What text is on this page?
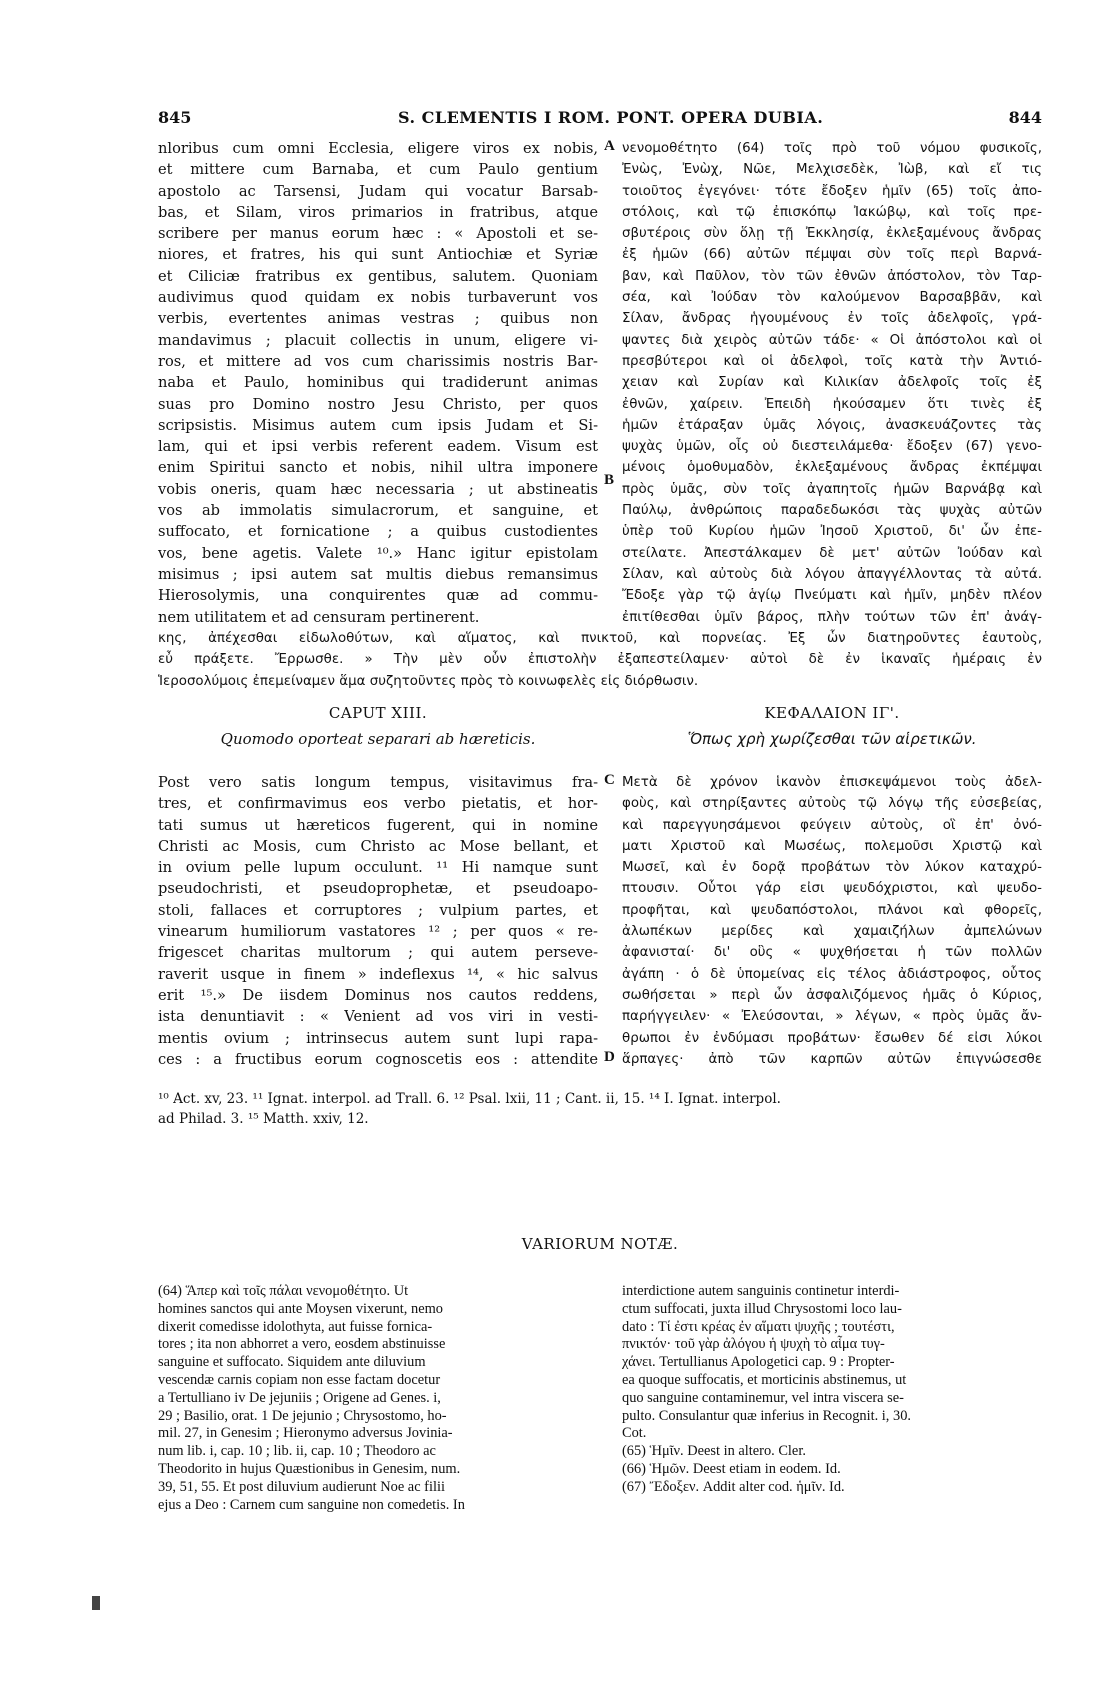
845	S. CLEMENTIS I ROM. PONT. OPERA DUBIA.	844

nloribus cum omni Ecclesia, eligere viros ex nobis,

et mittere cum Barnaba, et cum Paulo gentium

apostolo ac Tarsensi, Judam qui vocatur Barsab-

bas, et Silam, viros primarios in fratribus, atque

scribere per manus eorum hæc : « Apostoli et se-

niores, et fratres, his qui sunt Antiochiæ et Syriæ

et Ciliciæ fratribus ex gentibus, salutem. Quoniam

audivimus quod quidam ex nobis turbaverunt vos

verbis, evertentes animas vestras ; quibus non

mandavimus ; placuit collectis in unum, eligere vi-

ros, et mittere ad vos cum charissimis nostris Bar-

naba et Paulo, hominibus qui tradiderunt animas

suas pro Domino nostro Jesu Christo, per quos

scripsistis. Misimus autem cum ipsis Judam et Si-

lam, qui et ipsi verbis referent eadem. Visum est

enim Spiritui sancto et nobis, nihil ultra imponere

vobis oneris, quam hæc necessaria ; ut abstineatis

vos ab immolatis simulacrorum, et sanguine, et

suffocato, et fornicatione ; a quibus custodientes

vos, bene agetis. Valete ¹⁰.» Hanc igitur epistolam

misimus ; ipsi autem sat multis diebus remansimus

Hierosolymis, una conquirentes quæ ad commu-

nem utilitatem et ad censuram pertinerent.

A
B

νενομοθέτητο (64) τοῖς πρὸ τοῦ νόμου φυσικοῖς,

Ἐνὼς, Ἐνὼχ, Νῶε, Μελχισεδὲκ, Ἰὼβ, καὶ εἴ τις

τοιοῦτος ἐγεγόνει· τότε ἔδοξεν ἡμῖν (65) τοῖς ἀπο-

στόλοις, καὶ τῷ ἐπισκόπῳ Ἰακώβῳ, καὶ τοῖς πρε-

σβυτέροις σὺν ὅλῃ τῇ Ἐκκλησίᾳ, ἐκλεξαμένους ἄνδρας

ἐξ ἡμῶν (66) αὐτῶν πέμψαι σὺν τοῖς περὶ Βαρνά-

βαν, καὶ Παῦλον, τὸν τῶν ἐθνῶν ἀπόστολον, τὸν Ταρ-

σέα, καὶ Ἰούδαν τὸν καλούμενον Βαρσαββᾶν, καὶ

Σίλαν, ἄνδρας ἡγουμένους ἐν τοῖς ἀδελφοῖς, γρά-

ψαντες διὰ χειρὸς αὐτῶν τάδε· « Οἱ ἀπόστολοι καὶ οἱ

πρεσβύτεροι καὶ οἱ ἀδελφοὶ, τοῖς κατὰ τὴν Ἀντιό-

χειαν καὶ Συρίαν καὶ Κιλικίαν ἀδελφοῖς τοῖς ἐξ

ἐθνῶν, χαίρειν. Ἐπειδὴ ἠκούσαμεν ὅτι τινὲς ἐξ

ἡμῶν ἐτάραξαν ὑμᾶς λόγοις, ἀνασκευάζοντες τὰς

ψυχὰς ὑμῶν, οἷς οὐ διεστειλάμεθα· ἔδοξεν (67) γενο-

μένοις ὁμοθυμαδὸν, ἐκλεξαμένους ἄνδρας ἐκπέμψαι

πρὸς ὑμᾶς, σὺν τοῖς ἀγαπητοῖς ἡμῶν Βαρνάβᾳ καὶ

Παύλῳ, ἀνθρώποις παραδεδωκόσι τὰς ψυχὰς αὐτῶν

ὑπὲρ τοῦ Κυρίου ἡμῶν Ἰησοῦ Χριστοῦ, δι' ὧν ἐπε-

στείλατε. Ἀπεστάλκαμεν δὲ μετ' αὐτῶν Ἰούδαν καὶ

Σίλαν, καὶ αὐτοὺς διὰ λόγου ἀπαγγέλλοντας τὰ αὐτά.

Ἔδοξε γὰρ τῷ ἁγίῳ Πνεύματι καὶ ἡμῖν, μηδὲν πλέον

ἐπιτίθεσθαι ὑμῖν βάρος, πλὴν τούτων τῶν ἐπ' ἀνάγ-

κης, ἀπέχεσθαι εἰδωλοθύτων, καὶ αἵματος, καὶ πνικτοῦ, καὶ πορνείας. Ἐξ ὧν διατηροῦντες ἑαυτοὺς,

εὖ πράξετε. Ἔρρωσθε. » Τὴν μὲν οὖν ἐπιστολὴν ἐξαπεστείλαμεν· αὐτοὶ δὲ ἐν ἱκαναῖς ἡμέραις ἐν

Ἱεροσολύμοις ἐπεμείναμεν ἅμα συζητοῦντες πρὸς τὸ κοινωφελὲς εἰς διόρθωσιν.

CAPUT XIII.
Quomodo oporteat separari ab hæreticis.
ΚΕΦΑΛΑΙΟΝ ΙΓ'.
Ὅπως χρὴ χωρίζεσθαι τῶν αἱρετικῶν.

Post vero satis longum tempus, visitavimus fra-

tres, et confirmavimus eos verbo pietatis, et hor-

tati sumus ut hæreticos fugerent, qui in nomine

Christi ac Mosis, cum Christo ac Mose bellant, et

in ovium pelle lupum occulunt. ¹¹ Hi namque sunt

pseudochristi, et pseudoprophetæ, et pseudoapo-

stoli, fallaces et corruptores ; vulpium partes, et

vinearum humiliorum vastatores ¹² ; per quos « re-

frigescet charitas multorum ; qui autem perseve-

raverit usque in finem » indeflexus ¹⁴, « hic salvus

erit ¹⁵.» De iisdem Dominus nos cautos reddens,

ista denuntiavit : « Venient ad vos viri in vesti-

mentis ovium ; intrinsecus autem sunt lupi rapa-

ces : a fructibus eorum cognoscetis eos : attendite

C
D

Μετὰ δὲ χρόνον ἱκανὸν ἐπισκεψάμενοι τοὺς ἀδελ-

φοὺς, καὶ στηρίξαντες αὐτοὺς τῷ λόγῳ τῆς εὐσεβείας,

καὶ παρεγγυησάμενοι φεύγειν αὐτοὺς, οἳ ἐπ' ὀνό-

ματι Χριστοῦ καὶ Μωσέως, πολεμοῦσι Χριστῷ καὶ

Μωσεῖ, καὶ ἐν δορᾷ προβάτων τὸν λύκον καταχρύ-

πτουσιν. Οὗτοι γάρ εἰσι ψευδόχριστοι, καὶ ψευδο-

προφῆται, καὶ ψευδαπόστολοι, πλάνοι καὶ φθορεῖς,

ἀλωπέκων μερίδες καὶ χαμαιζήλων ἀμπελώνων

ἀφανισταί· δι' οὓς « ψυχθήσεται ἡ τῶν πολλῶν

ἀγάπη · ὁ δὲ ὑπομείνας εἰς τέλος ἀδιάστροφος, οὗτος

σωθήσεται » περὶ ὧν ἀσφαλιζόμενος ἡμᾶς ὁ Κύριος,

παρήγγειλεν· « Ἐλεύσονται, » λέγων, « πρὸς ὑμᾶς ἄν-

θρωποι ἐν ἐνδύμασι προβάτων· ἔσωθεν δέ εἰσι λύκοι

ἅρπαγες· ἀπὸ τῶν καρπῶν αὐτῶν ἐπιγνώσεσθε

¹⁰ Act. xv, 23. ¹¹ Ignat. interpol. ad Trall. 6. ¹² Psal. lxii, 11 ; Cant. ii, 15. ¹⁴ I. Ignat. interpol.

ad Philad. 3. ¹⁵ Matth. xxiv, 12.

VARIORUM NOTÆ.

(64) Ἅπερ καὶ τοῖς πάλαι νενομοθέτητο. Ut

homines sanctos qui ante Moysen vixerunt, nemo

dixerit comedisse idolothyta, aut fuisse fornica-

tores ; ita non abhorret a vero, eosdem abstinuisse

sanguine et suffocato. Siquidem ante diluvium

vescendæ carnis copiam non esse factam docetur

a Tertulliano iv De jejuniis ; Origene ad Genes. i,

29 ; Basilio, orat. 1 De jejunio ; Chrysostomo, ho-

mil. 27, in Genesim ; Hieronymo adversus Jovinia-

num lib. i, cap. 10 ; lib. ii, cap. 10 ; Theodoro ac

Theodorito in hujus Quæstionibus in Genesim, num.

39, 51, 55. Et post diluvium audierunt Noe ac filii

ejus a Deo : Carnem cum sanguine non comedetis. In

interdictione autem sanguinis continetur interdi-

ctum suffocati, juxta illud Chrysostomi loco lau-

dato : Τί ἐστι κρέας ἐν αἵματι ψυχῆς ; τουτέστι,

πνικτόν· τοῦ γὰρ ἀλόγου ἡ ψυχὴ τὸ αἷμα τυγ-

χάνει. Tertullianus Apologetici cap. 9 : Propter-

ea quoque suffocatis, et morticinis abstinemus, ut

quo sanguine contaminemur, vel intra viscera se-

pulto. Consulantur quæ inferius in Recognit. i, 30.

Cot.

(65) Ἡμῖν. Deest in altero. Cler.

(66) Ἡμῶν. Deest etiam in eodem. Id.

(67) Ἔδοξεν. Addit alter cod. ἡμῖν. Id.
